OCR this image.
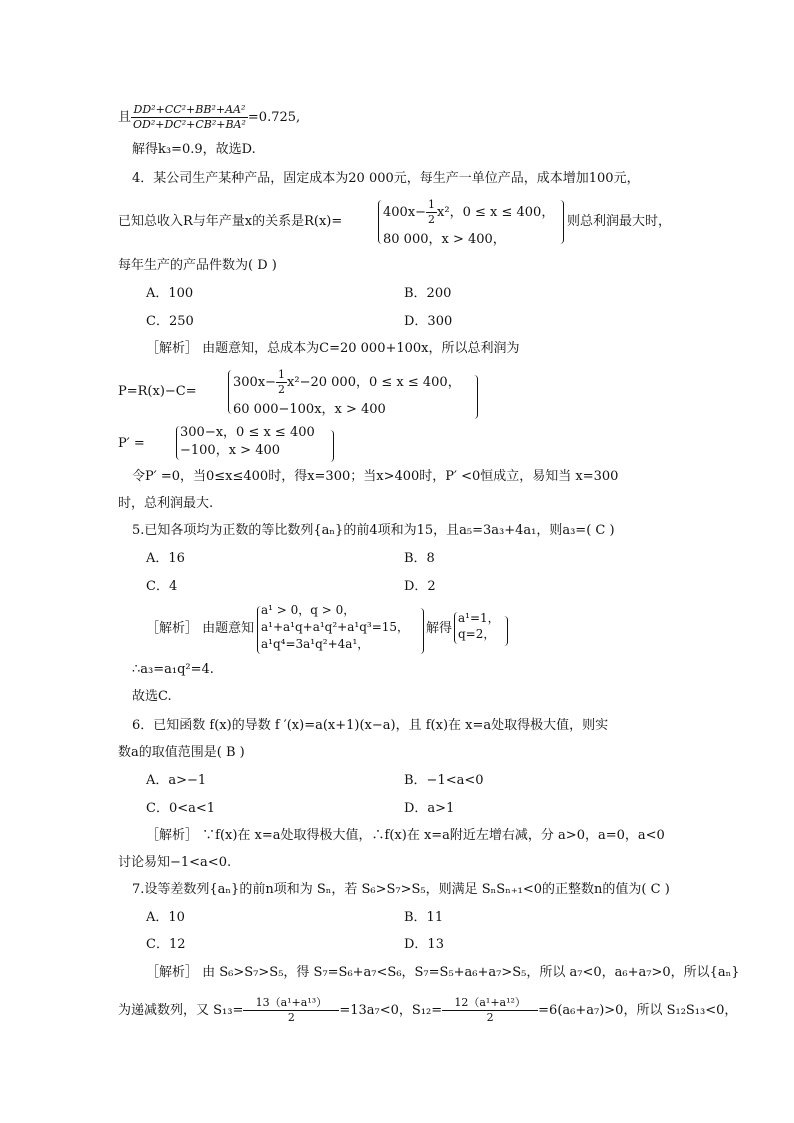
且 $\frac{\text{DD²+CC²+BB²+AA²}}{\text{OD²+DC²+CB²+BA²}} =0.725$,
解得k₃=0.9，故选D.
4．某公司生产某种产品，固定成本为20 000元，每生产一单位产品，成本增加100元，
已知总收入R与年产量x的关系是R(x)=
$400x- \frac{1}{2} x^2$，0 ≤ x ≤ 400，
80 000，x > 400，
则总利润最大时，
每年生产的产品件数为( D )
A．100	B．200
C．250	D．300
［解析］ 由题意知，总成本为C=20 000+100x，所以总利润为
P=R(x)−C=
$300x- \frac{1}{2} x^2-20$ 000，0 ≤ x ≤ 400，
60 000−100x，x > 400
P′ =
300−x，0 ≤ x ≤ 400
−100，x > 400
令P′ =0，当0≤x≤400时，得x=300；当x>400时，P′ <0恒成立，易知当 x=300
时，总利润最大.
5.已知各项均为正数的等比数列{aₙ}的前4项和为15，且a₅=3a₃+4a₁，则a₃=( C )
A．16	B．8
C．4	D．2
［解析］ 由题意知
a¹ > 0，q > 0，
a¹+a¹q+a¹q²+a¹q³=15，
a¹q⁴=3a¹q²+4a¹，
解得
a¹=1，
q=2，
∴a₃=a₁q²=4.
故选C.
6．已知函数 f(x)的导数 f ′(x)=a(x+1)(x−a)，且 f(x)在 x=a处取得极大值，则实
数a的取值范围是( B )
A．a>−1	B．−1<a<0
C．0<a<1	D．a>1
［解析］ ∵f(x)在 x=a处取得极大值，∴f(x)在 x=a附近左增右减，分 a>0，a=0，a<0
讨论易知−1<a<0.
7.设等差数列{aₙ}的前n项和为 Sₙ，若 S₆>S₇>S₅，则满足 SₙSₙ₊₁<0的正整数n的值为( C )
A．10	B．11
C．12	D．13
［解析］ 由 S₆>S₇>S₅，得 S₇=S₆+a₇<S₆，S₇=S₅+a₆+a₇>S₅，所以 a₇<0，a₆+a₇>0，所以{aₙ}
为递减数列，又 $S_{13}= \frac{\text{13（a¹+a¹³）}}{2} =13a_7<0$，$S_{12}= \frac{\text{12（a¹+a¹²）}}{2} =6(a_6+a_7)>0$，所以 S₁₂S₁₃<0，
